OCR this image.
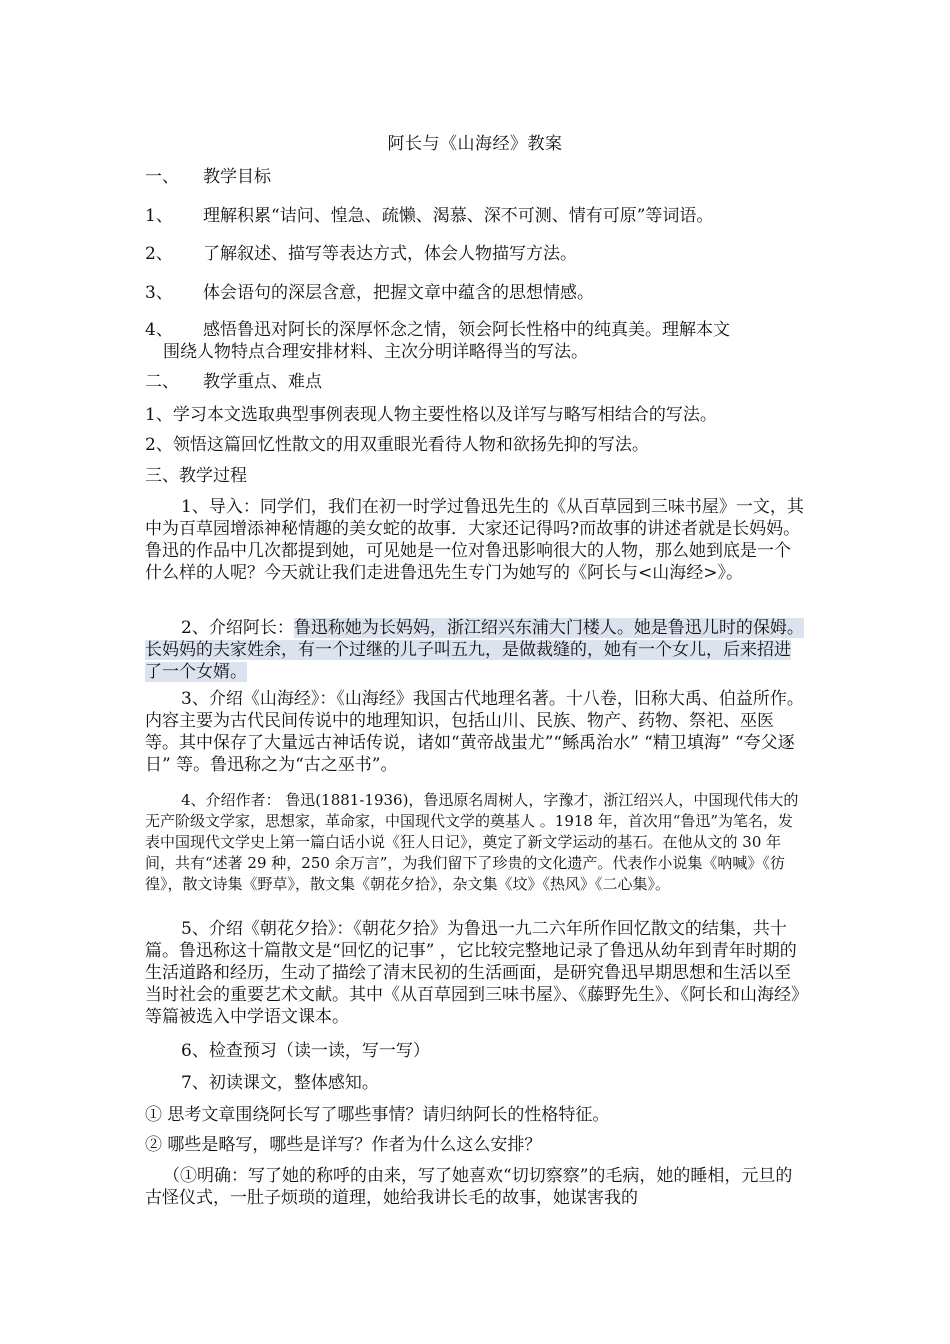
阿长与《山海经》教案
一、 教学目标
1、 理解积累“诘问、惶急、疏懒、渴慕、深不可测、情有可原”等词语。
2、 了解叙述、描写等表达方式，体会人物描写方法。
3、 体会语句的深层含意，把握文章中蕴含的思想情感。
4、 感悟鲁迅对阿长的深厚怀念之情，领会阿长性格中的纯真美。理解本文
围绕人物特点合理安排材料、主次分明详略得当的写法。
二、 教学重点、难点
1、学习本文选取典型事例表现人物主要性格以及详写与略写相结合的写法。
2、领悟这篇回忆性散文的用双重眼光看待人物和欲扬先抑的写法。
三、教学过程
1、导入：同学们，我们在初一时学过鲁迅先生的《从百草园到三味书屋》一文，其中为百草园增添神秘情趣的美女蛇的故事．大家还记得吗?而故事的讲述者就是长妈妈。鲁迅的作品中几次都提到她，可见她是一位对鲁迅影响很大的人物，那么她到底是一个什么样的人呢？今天就让我们走进鲁迅先生专门为她写的《阿长与<山海经>》。
2、介绍阿长：鲁迅称她为长妈妈，浙江绍兴东浦大门楼人。她是鲁迅儿时的保姆。长妈妈的夫家姓余，有一个过继的儿子叫五九，是做裁缝的，她有一个女儿，后来招进了一个女婿。
3、介绍《山海经》：《山海经》我国古代地理名著。十八卷，旧称大禹、伯益所作。内容主要为古代民间传说中的地理知识，包括山川、民族、物产、药物、祭祀、巫医等。其中保存了大量远古神话传说，诸如“黄帝战蚩尤”“鲧禹治水” “精卫填海” “夸父逐日” 等。鲁迅称之为“古之巫书”。
4、介绍作者： 鲁迅(1881-1936)，鲁迅原名周树人，字豫才，浙江绍兴人，中国现代伟大的无产阶级文学家，思想家，革命家，中国现代文学的奠基人 。1918 年，首次用“鲁迅”为笔名，发表中国现代文学史上第一篇白话小说《狂人日记》，奠定了新文学运动的基石。在他从文的 30 年间，共有“述著 29 种，250 余万言”，为我们留下了珍贵的文化遗产。代表作小说集《呐喊》《彷徨》，散文诗集《野草》，散文集《朝花夕拾》，杂文集《坟》《热风》《二心集》。
5、介绍《朝花夕拾》：《朝花夕拾》为鲁迅一九二六年所作回忆散文的结集，共十篇。鲁迅称这十篇散文是“回忆的记事” ，它比较完整地记录了鲁迅从幼年到青年时期的生活道路和经历，生动了描绘了清末民初的生活画面，是研究鲁迅早期思想和生活以至当时社会的重要艺术文献。其中《从百草园到三味书屋》、《藤野先生》、《阿长和山海经》等篇被选入中学语文课本。
6、检查预习（读一读，写一写）
7、初读课文，整体感知。
① 思考文章围绕阿长写了哪些事情？请归纳阿长的性格特征。
② 哪些是略写，哪些是详写？作者为什么这么安排？
（①明确：写了她的称呼的由来，写了她喜欢“切切察察”的毛病，她的睡相，元旦的古怪仪式，一肚子烦琐的道理，她给我讲长毛的故事，她谋害我的
